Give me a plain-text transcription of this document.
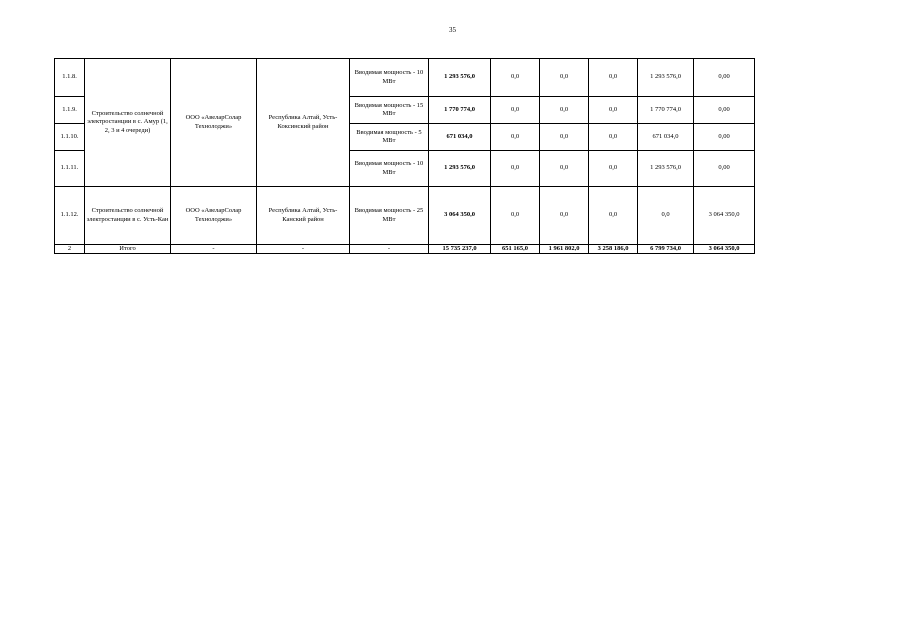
35
1.1.8.	Строительство солнечной электростанции в с. Амур (1, 2, 3 и 4 очереди)	ООО «АвеларСолар Технолоджи»	Республика Алтай, Усть-Коксинский район	Вводимая мощность - 10 МВт	1 293 576,0	0,0	0,0	0,0	1 293 576,0	0,00
1.1.9.				Вводимая мощность - 15 МВт	1 770 774,0	0,0	0,0	0,0	1 770 774,0	0,00
1.1.10.				Вводимая мощность - 5 МВт	671 034,0	0,0	0,0	0,0	671 034,0	0,00
1.1.11.				Вводимая мощность - 10 МВт	1 293 576,0	0,0	0,0	0,0	1 293 576,0	0,00
1.1.12.	Строительство солнечной электростанции в с. Усть-Кан	ООО «АвеларСолар Технолоджи»	Республика Алтай, Усть-Канский район	Вводимая мощность - 25 МВт	3 064 350,0	0,0	0,0	0,0	0,0	3 064 350,0
2	Итого	-	-	-	15 735 237,0	651 165,0	1 961 802,0	3 258 186,0	6 799 734,0	3 064 350,0
